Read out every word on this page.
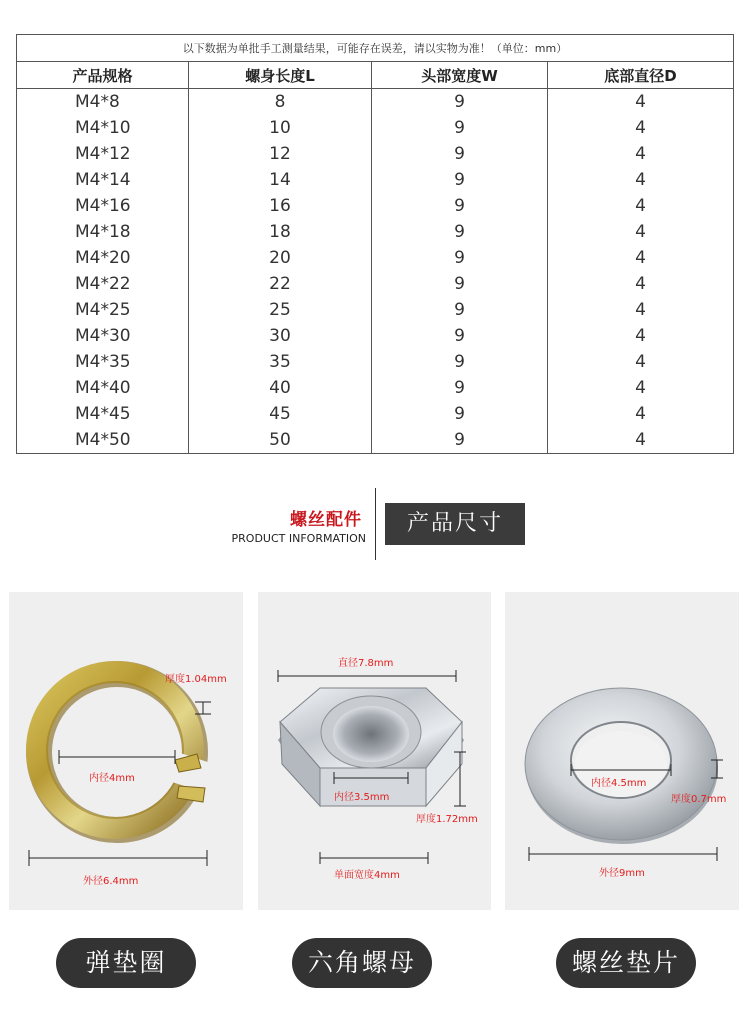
以下数据为单批手工测量结果，可能存在误差，请以实物为准！（单位：mm）			
产品规格	螺身长度L	头部宽度W	底部直径D
M4*8	8	9	4
M4*10	10	9	4
M4*12	12	9	4
M4*14	14	9	4
M4*16	16	9	4
M4*18	18	9	4
M4*20	20	9	4
M4*22	22	9	4
M4*25	25	9	4
M4*30	30	9	4
M4*35	35	9	4
M4*40	40	9	4
M4*45	45	9	4
M4*50	50	9	4
螺丝配件
PRODUCT INFORMATION
产品尺寸
厚度1.04mm
内径4mm
外径6.4mm
直径7.8mm
内径3.5mm
厚度1.72mm
单面宽度4mm
内径4.5mm
厚度0.7mm
外径9mm
弹垫圈	六角螺母	螺丝垫片
